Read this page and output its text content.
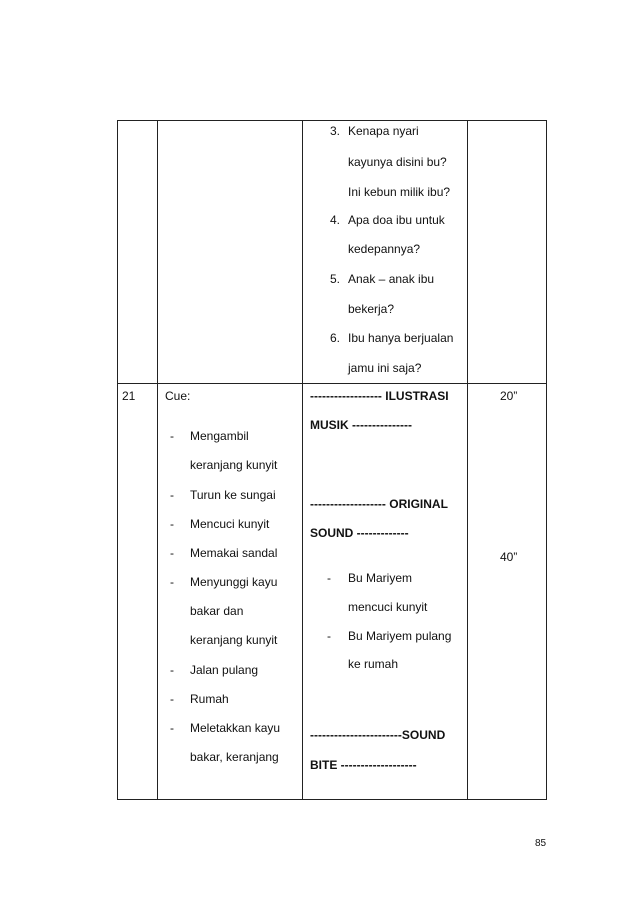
3. Kenapa nyari
kayunya disini bu?
Ini kebun milik ibu?
4. Apa doa ibu untuk
kedepannya?
5. Anak – anak ibu
bekerja?
6. Ibu hanya berjualan
jamu ini saja?
21 Cue:
- Mengambil
keranjang kunyit
- Turun ke sungai
- Mencuci kunyit
- Memakai sandal
- Menyunggi kayu
bakar dan
keranjang kunyit
- Jalan pulang
- Rumah
- Meletakkan kayu
bakar, keranjang
------------------ ILUSTRASI
MUSIK ---------------
------------------- ORIGINAL
SOUND -------------
- Bu Mariyem
mencuci kunyit
- Bu Mariyem pulang
ke rumah
-----------------------SOUND
BITE -------------------
20”
40”
85
